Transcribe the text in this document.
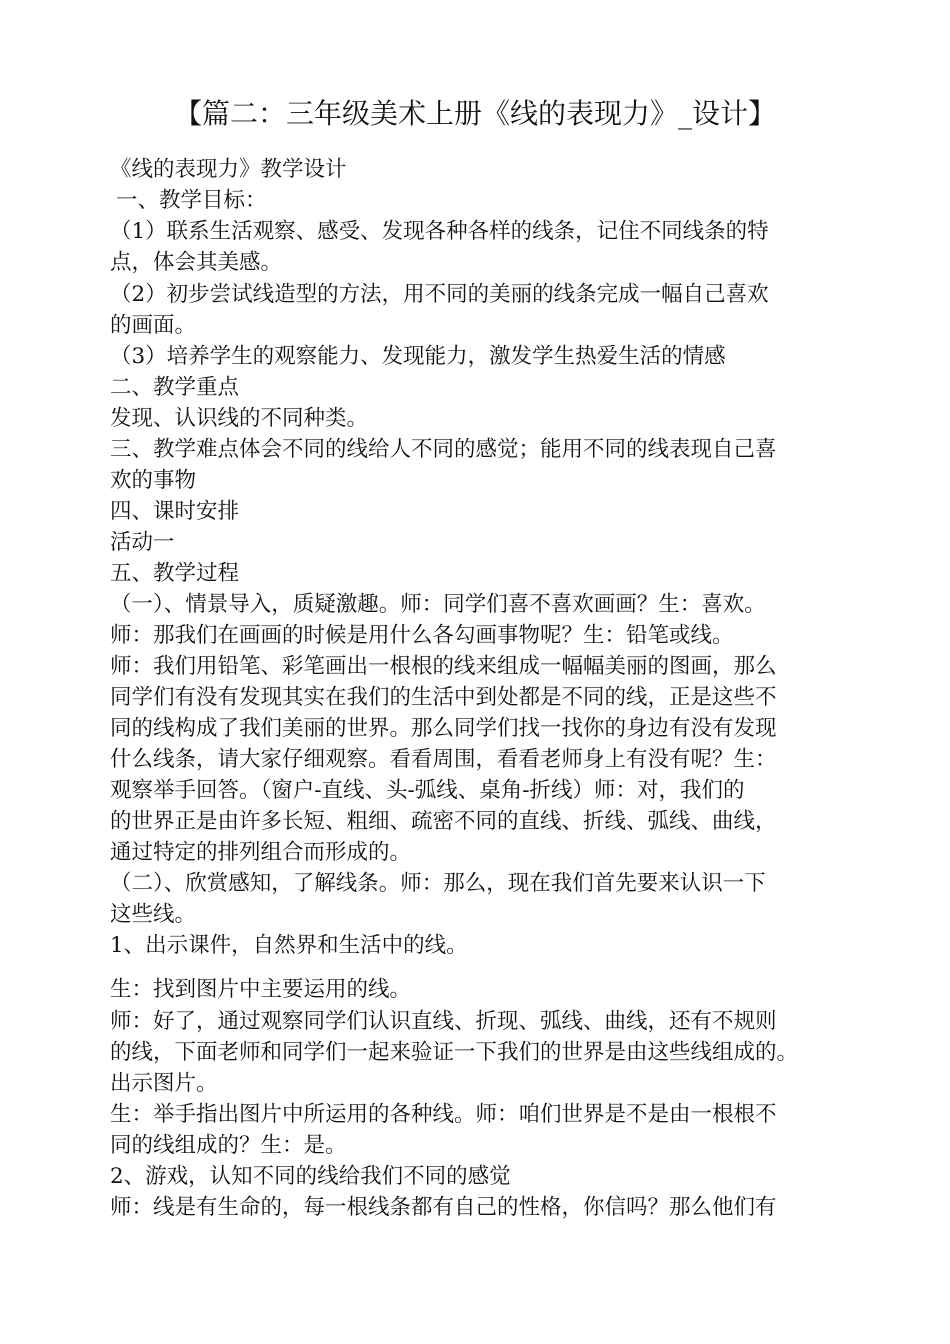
【篇二：三年级美术上册《线的表现力》_设计】
《线的表现力》教学设计
一、教学目标：
（1）联系生活观察、感受、发现各种各样的线条，记住不同线条的特
点，体会其美感。
（2）初步尝试线造型的方法，用不同的美丽的线条完成一幅自己喜欢
的画面。
（3）培养学生的观察能力、发现能力，激发学生热爱生活的情感
二、教学重点
发现、认识线的不同种类。
三、教学难点体会不同的线给人不同的感觉；能用不同的线表现自己喜
欢的事物
四、课时安排
活动一
五、教学过程
（一）、情景导入，质疑激趣。师：同学们喜不喜欢画画？生：喜欢。
师：那我们在画画的时候是用什么各勾画事物呢？生：铅笔或线。
师：我们用铅笔、彩笔画出一根根的线来组成一幅幅美丽的图画，那么
同学们有没有发现其实在我们的生活中到处都是不同的线，正是这些不
同的线构成了我们美丽的世界。那么同学们找一找你的身边有没有发现
什么线条，请大家仔细观察。看看周围，看看老师身上有没有呢？生：
观察举手回答。（窗户-直线、头-弧线、桌角-折线）师：对，我们的
的世界正是由许多长短、粗细、疏密不同的直线、折线、弧线、曲线，
通过特定的排列组合而形成的。
（二）、欣赏感知，了解线条。师：那么，现在我们首先要来认识一下
这些线。
1、出示课件，自然界和生活中的线。
生：找到图片中主要运用的线。
师：好了，通过观察同学们认识直线、折现、弧线、曲线，还有不规则
的线，下面老师和同学们一起来验证一下我们的世界是由这些线组成的。
出示图片。
生：举手指出图片中所运用的各种线。师：咱们世界是不是由一根根不
同的线组成的？生：是。
2、游戏，认知不同的线给我们不同的感觉
师：线是有生命的，每一根线条都有自己的性格，你信吗？那么他们有
